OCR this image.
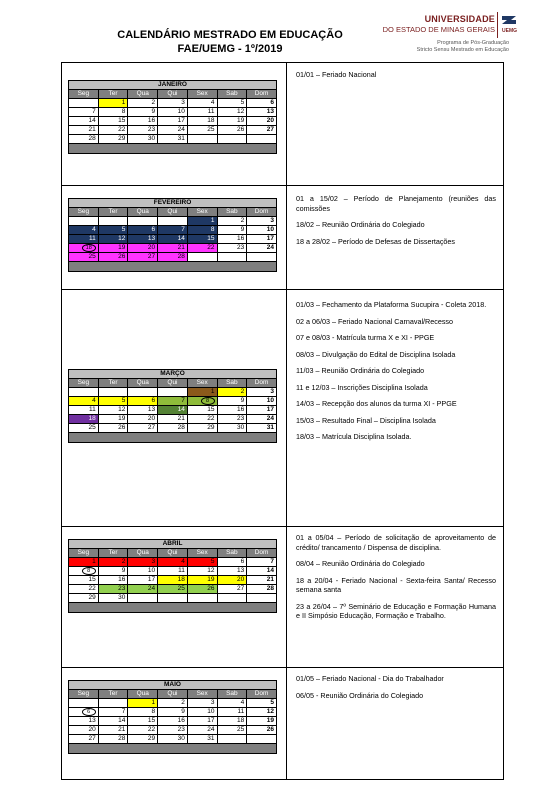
CALENDÁRIO MESTRADO EM EDUCAÇÃO
FAE/UEMG - 1º/2019
UNIVERSIDADE
DO ESTADO DE MINAS GERAIS UEMG
Programa de Pós-Graduação
Stricto Sensu Mestrado em Educação
JANEIRO						
Seg	Ter	Qua	Qui	Sex	Sab	Dom
	1	2	3	4	5	6
7	8	9	10	11	12	13
14	15	16	17	18	19	20
21	22	23	24	25	26	27
28	29	30	31			

FEVEREIRO						
Seg	Ter	Qua	Qui	Sex	Sab	Dom
				1	2	3
4	5	6	7	8	9	10
11	12	13	14	15	16	17
18	19	20	21	22	23	24
25	26	27	28			

MARÇO						
Seg	Ter	Qua	Qui	Sex	Sab	Dom
				1	2	3
4	5	6	7	8	9	10
11	12	13	14	15	16	17
18	19	20	21	22	23	24
25	26	27	28	29	30	31

ABRIL						
Seg	Ter	Qua	Qui	Sex	Sab	Dom
1	2	3	4	5	6	7
8	9	10	11	12	13	14
15	16	17	18	19	20	21
22	23	24	25	26	27	28
29	30					

MAIO						
Seg	Ter	Qua	Qui	Sex	Sab	Dom
		1	2	3	4	5
6	7	8	9	10	11	12
13	14	15	16	17	18	19
20	21	22	23	24	25	26
27	28	29	30	31		

01/01 – Feriado Nacional

01 a 15/02 – Período de Planejamento (reuniões das comissões

18/02 – Reunião Ordinária do Colegiado

18 a 28/02 – Período de Defesas de Dissertações

01/03 – Fechamento da Plataforma Sucupira - Coleta 2018.

02 a 06/03 – Feriado Nacional Carnaval/Recesso

07 e 08/03 - Matrícula turma X e XI - PPGE

08/03 – Divulgação do Edital de Disciplina Isolada

11/03 – Reunião Ordinária do Colegiado

11 e 12/03 – Inscrições Disciplina Isolada

14/03 – Recepção dos alunos da turma XI - PPGE

15/03 – Resultado Final – Disciplina Isolada

18/03 – Matrícula Disciplina Isolada.

01 a 05/04 – Período de solicitação de aproveitamento de crédito/ trancamento / Dispensa de disciplina.

08/04 – Reunião Ordinária do Colegiado

18 a 20/04 - Feriado Nacional - Sexta-feira Santa/ Recesso semana santa

23 a 26/04 – 7º Seminário de Educação e Formação Humana e II Simpósio Educação, Formação e Trabalho.

01/05 – Feriado Nacional - Dia do Trabalhador

06/05 - Reunião Ordinária do Colegiado
